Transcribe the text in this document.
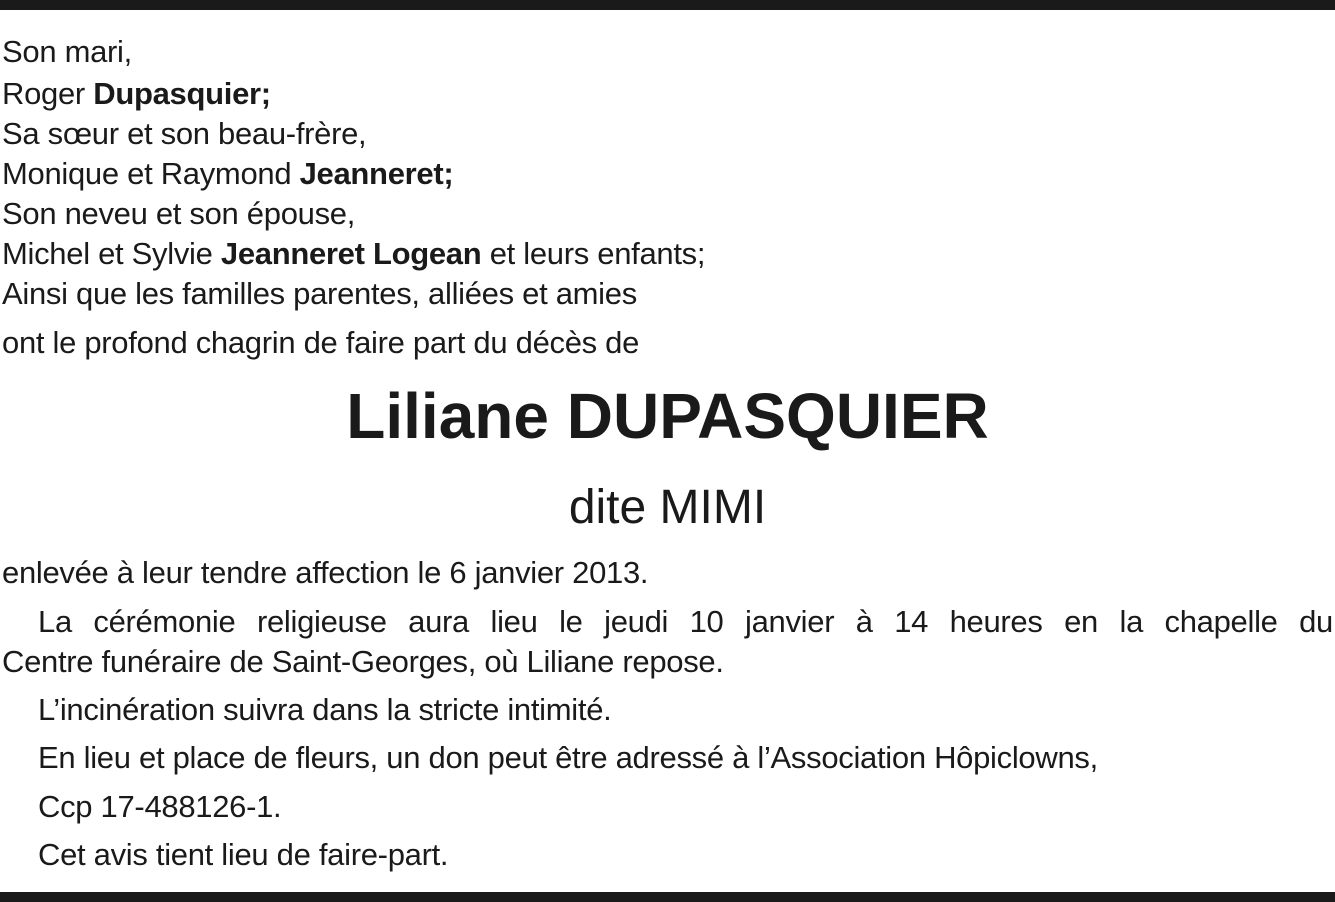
Son mari,
Roger Dupasquier;
Sa sœur et son beau-frère,
Monique et Raymond Jeanneret;
Son neveu et son épouse,
Michel et Sylvie Jeanneret Logean et leurs enfants;
Ainsi que les familles parentes, alliées et amies
ont le profond chagrin de faire part du décès de
Liliane DUPASQUIER
dite MIMI
enlevée à leur tendre affection le 6 janvier 2013.
La cérémonie religieuse aura lieu le jeudi 10 janvier à 14 heures en la chapelle du
Centre funéraire de Saint-Georges, où Liliane repose.
L’incinération suivra dans la stricte intimité.
En lieu et place de fleurs, un don peut être adressé à l’Association Hôpiclowns,
Ccp 17-488126-1.
Cet avis tient lieu de faire-part.
